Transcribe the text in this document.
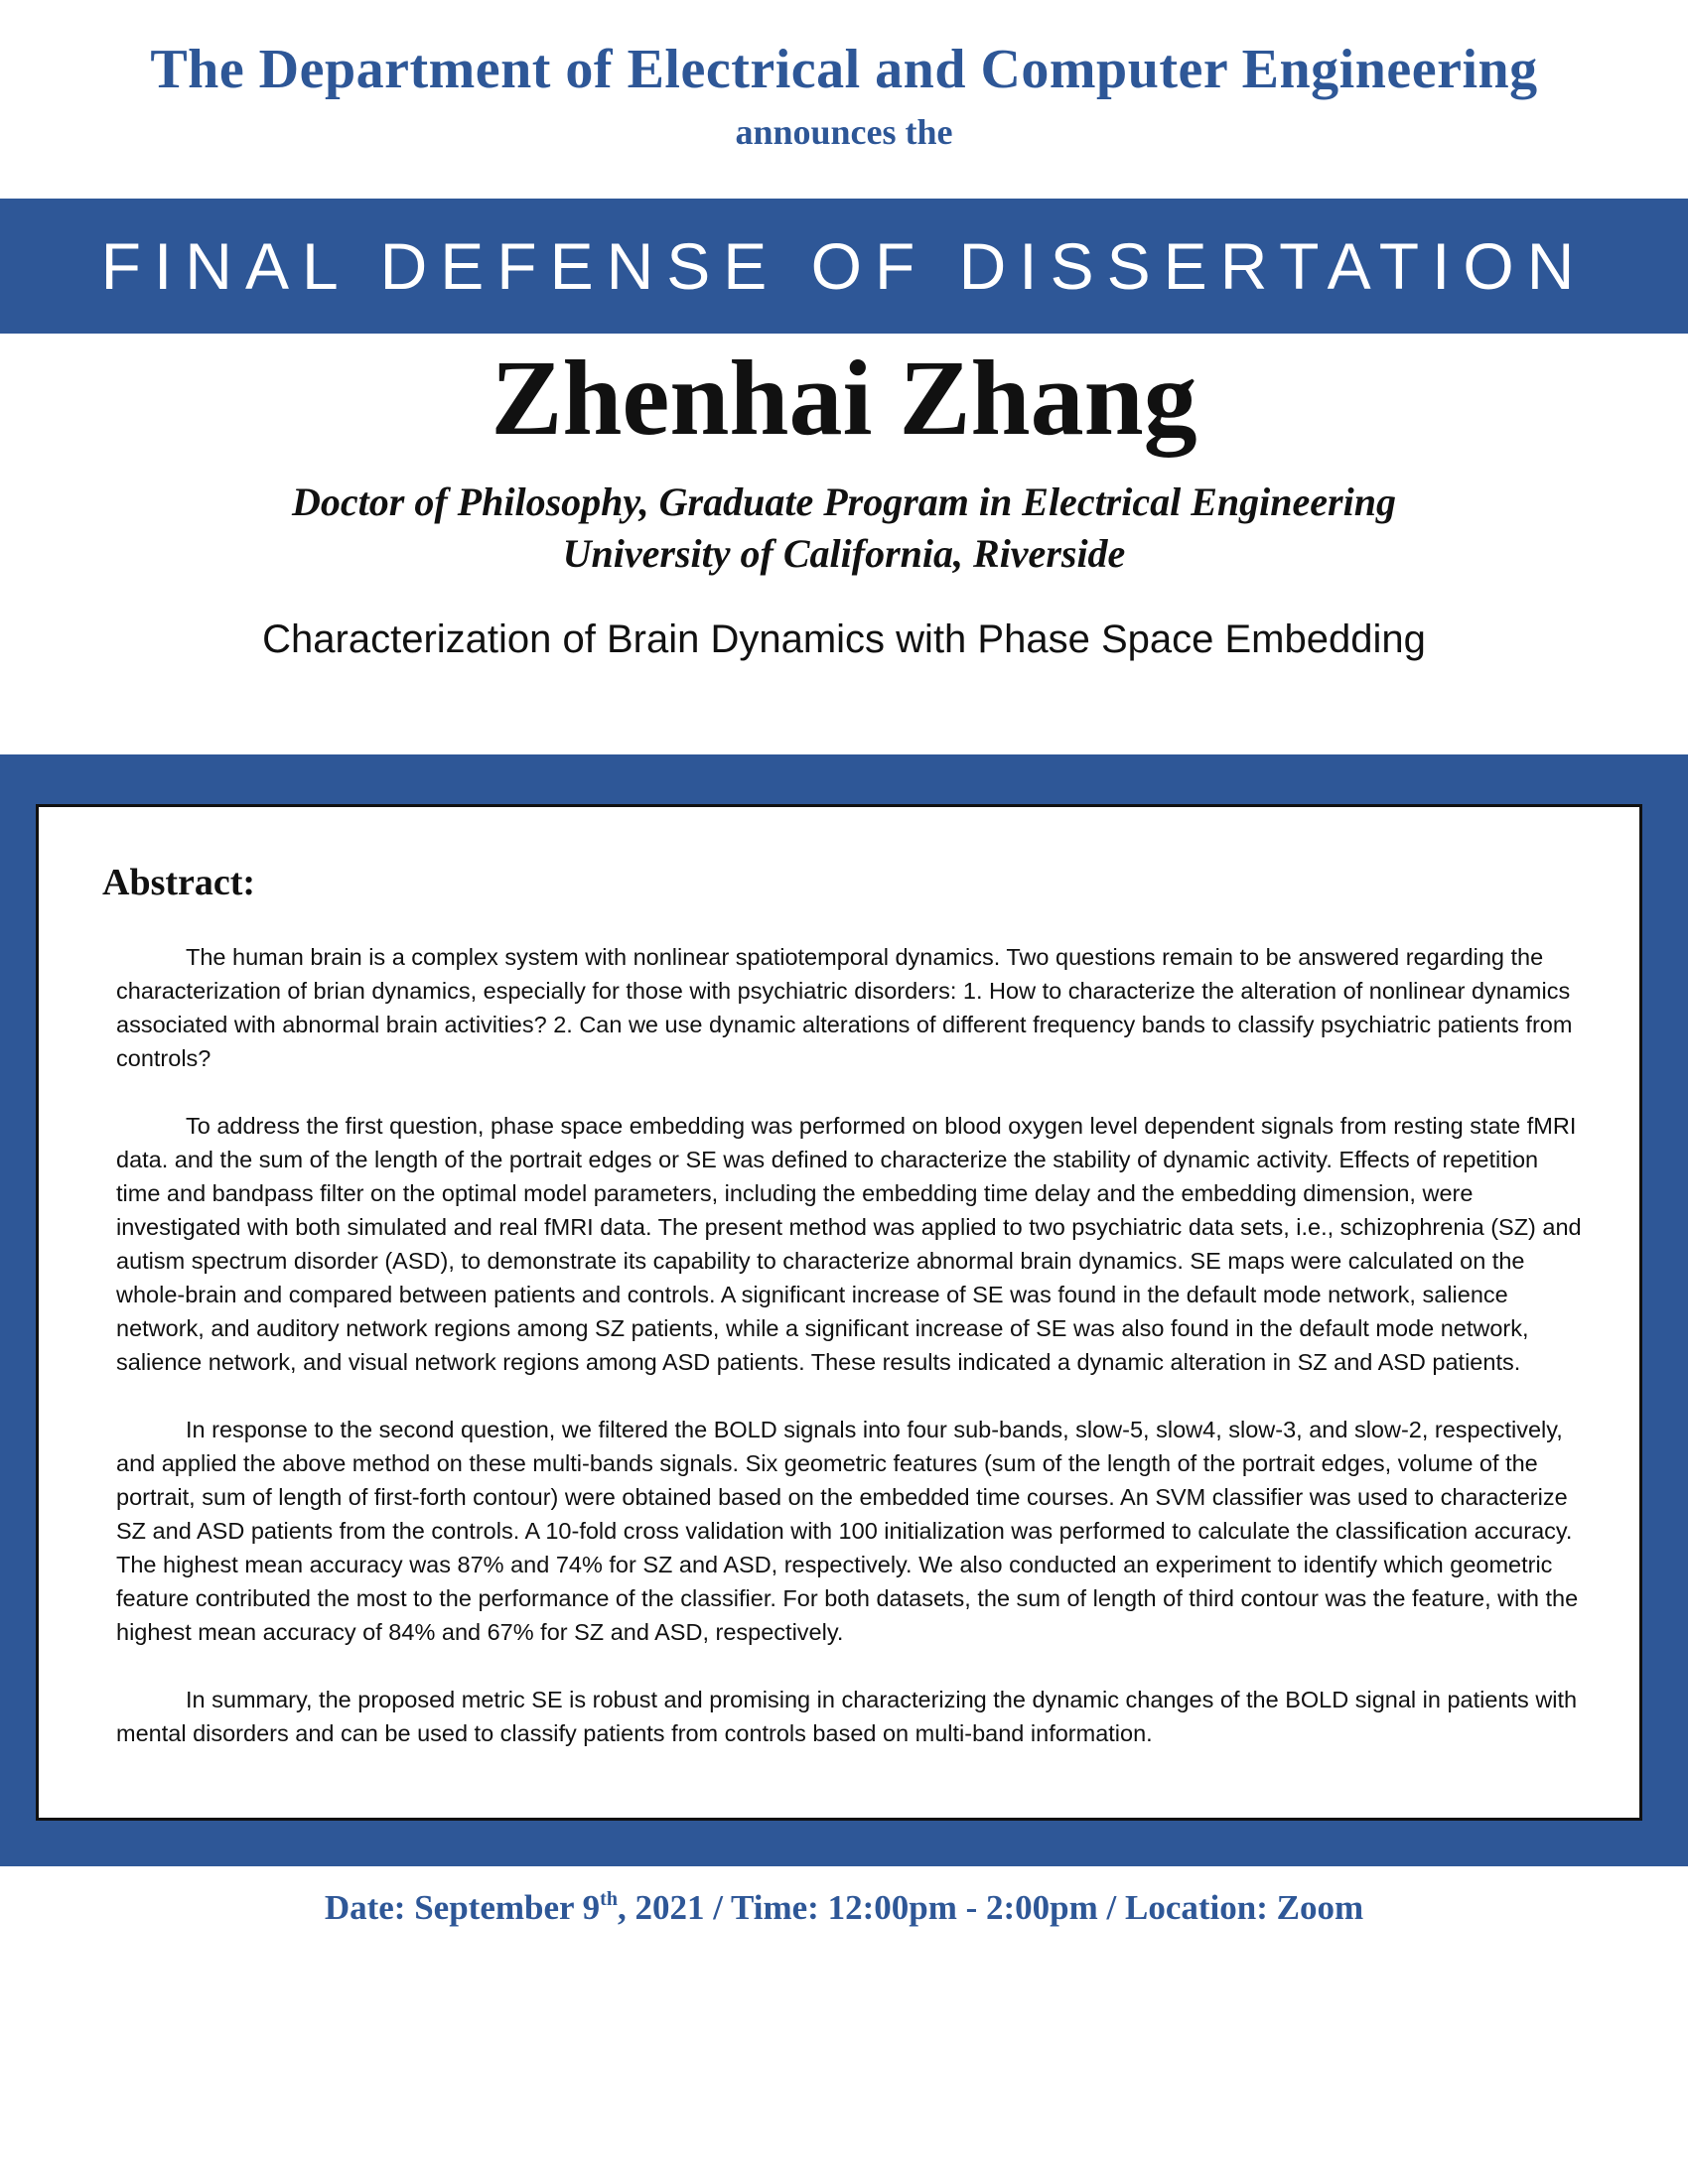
The Department of Electrical and Computer Engineering
announces the
FINAL DEFENSE OF DISSERTATION
Zhenhai Zhang
Doctor of Philosophy, Graduate Program in Electrical Engineering
University of California, Riverside
Characterization of Brain Dynamics with Phase Space Embedding
Abstract:

The human brain is a complex system with nonlinear spatiotemporal dynamics. Two questions remain to be answered regarding the characterization of brian dynamics, especially for those with psychiatric disorders: 1. How to characterize the alteration of nonlinear dynamics associated with abnormal brain activities? 2. Can we use dynamic alterations of different frequency bands to classify psychiatric patients from controls?

To address the first question, phase space embedding was performed on blood oxygen level dependent signals from resting state fMRI data. and the sum of the length of the portrait edges or SE was defined to characterize the stability of dynamic activity. Effects of repetition time and bandpass filter on the optimal model parameters, including the embedding time delay and the embedding dimension, were investigated with both simulated and real fMRI data. The present method was applied to two psychiatric data sets, i.e., schizophrenia (SZ) and autism spectrum disorder (ASD), to demonstrate its capability to characterize abnormal brain dynamics. SE maps were calculated on the whole-brain and compared between patients and controls. A significant increase of SE was found in the default mode network, salience network, and auditory network regions among SZ patients, while a significant increase of SE was also found in the default mode network, salience network, and visual network regions among ASD patients. These results indicated a dynamic alteration in SZ and ASD patients.

In response to the second question, we filtered the BOLD signals into four sub-bands, slow-5, slow4, slow-3, and slow-2, respectively, and applied the above method on these multi-bands signals. Six geometric features (sum of the length of the portrait edges, volume of the portrait, sum of length of first-forth contour) were obtained based on the embedded time courses. An SVM classifier was used to characterize SZ and ASD patients from the controls. A 10-fold cross validation with 100 initialization was performed to calculate the classification accuracy. The highest mean accuracy was 87% and 74% for SZ and ASD, respectively. We also conducted an experiment to identify which geometric feature contributed the most to the performance of the classifier. For both datasets, the sum of length of third contour was the feature, with the highest mean accuracy of 84% and 67% for SZ and ASD, respectively.

In summary, the proposed metric SE is robust and promising in characterizing the dynamic changes of the BOLD signal in patients with mental disorders and can be used to classify patients from controls based on multi-band information.

Date: September 9th, 2021 / Time: 12:00pm - 2:00pm / Location: Zoom
